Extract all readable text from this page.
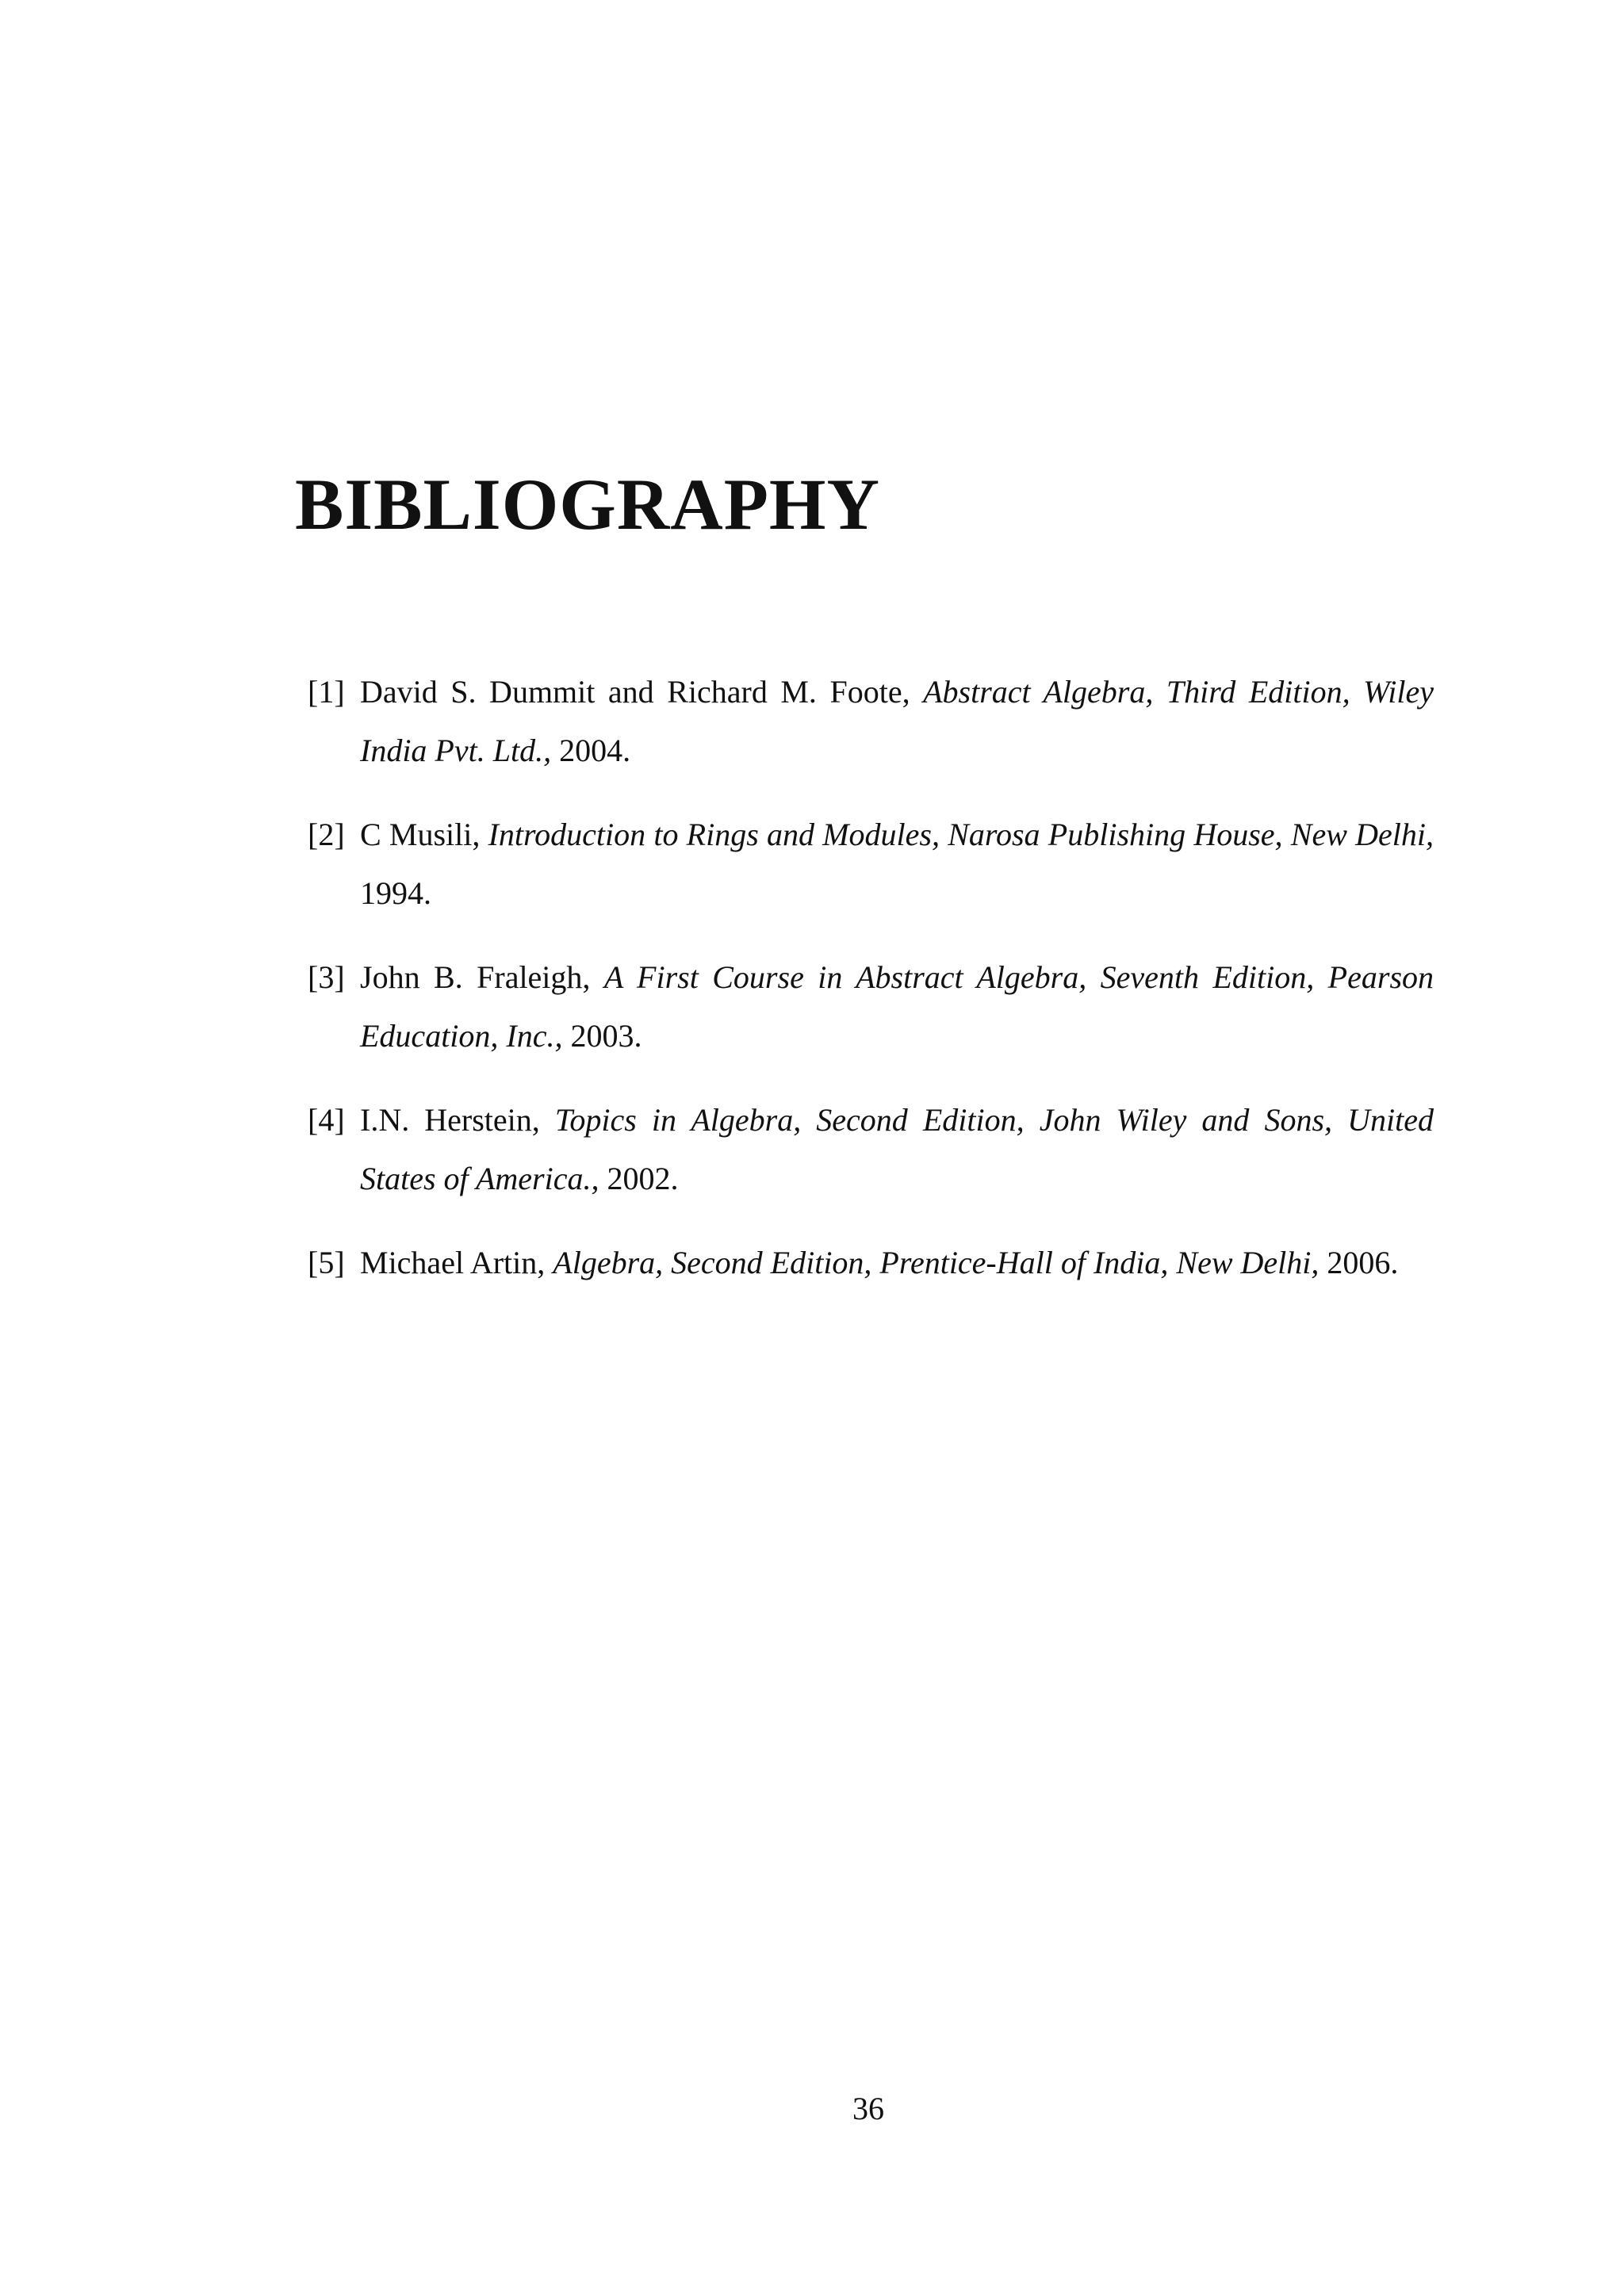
BIBLIOGRAPHY
[1] David S. Dummit and Richard M. Foote, Abstract Algebra, Third Edition, Wiley India Pvt. Ltd., 2004.
[2] C Musili, Introduction to Rings and Modules, Narosa Publishing House, New Delhi, 1994.
[3] John B. Fraleigh, A First Course in Abstract Algebra, Seventh Edition, Pearson Education, Inc., 2003.
[4] I.N. Herstein, Topics in Algebra, Second Edition, John Wiley and Sons, United States of America., 2002.
[5] Michael Artin, Algebra, Second Edition, Prentice-Hall of India, New Delhi, 2006.
36
